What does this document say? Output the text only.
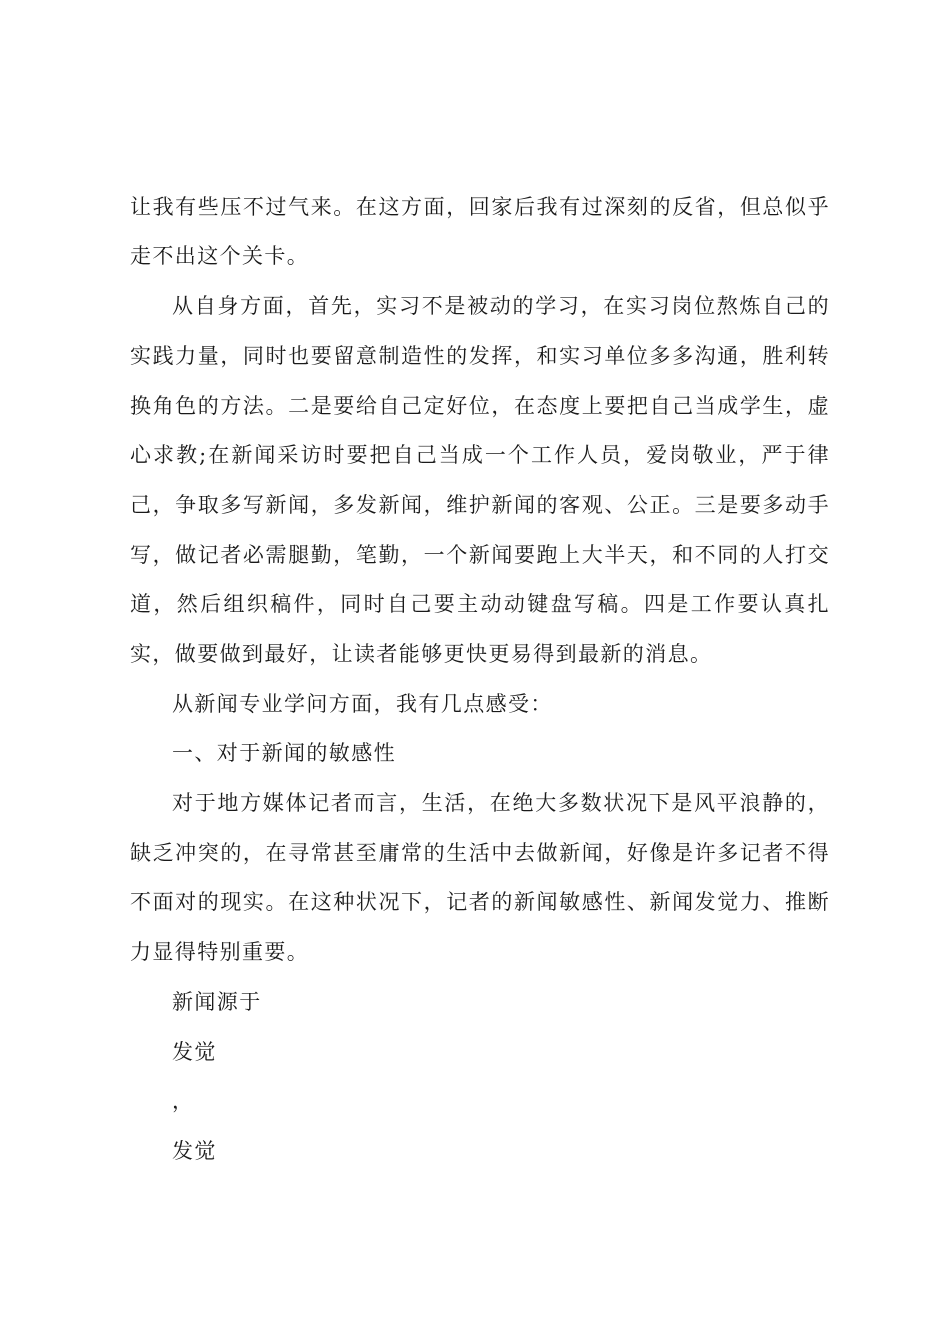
让我有些压不过气来。在这方面，回家后我有过深刻的反省，但总似乎
走不出这个关卡。
从自身方面，首先，实习不是被动的学习，在实习岗位熬炼自己的
实践力量，同时也要留意制造性的发挥，和实习单位多多沟通，胜利转
换角色的方法。二是要给自己定好位，在态度上要把自己当成学生，虚
心求教;在新闻采访时要把自己当成一个工作人员，爱岗敬业，严于律
己，争取多写新闻，多发新闻，维护新闻的客观、公正。三是要多动手
写，做记者必需腿勤，笔勤，一个新闻要跑上大半天，和不同的人打交
道，然后组织稿件，同时自己要主动动键盘写稿。四是工作要认真扎
实，做要做到最好，让读者能够更快更易得到最新的消息。
从新闻专业学问方面，我有几点感受：
一、对于新闻的敏感性
对于地方媒体记者而言，生活，在绝大多数状况下是风平浪静的，
缺乏冲突的，在寻常甚至庸常的生活中去做新闻，好像是许多记者不得
不面对的现实。在这种状况下，记者的新闻敏感性、新闻发觉力、推断
力显得特别重要。
新闻源于
发觉
，
发觉
